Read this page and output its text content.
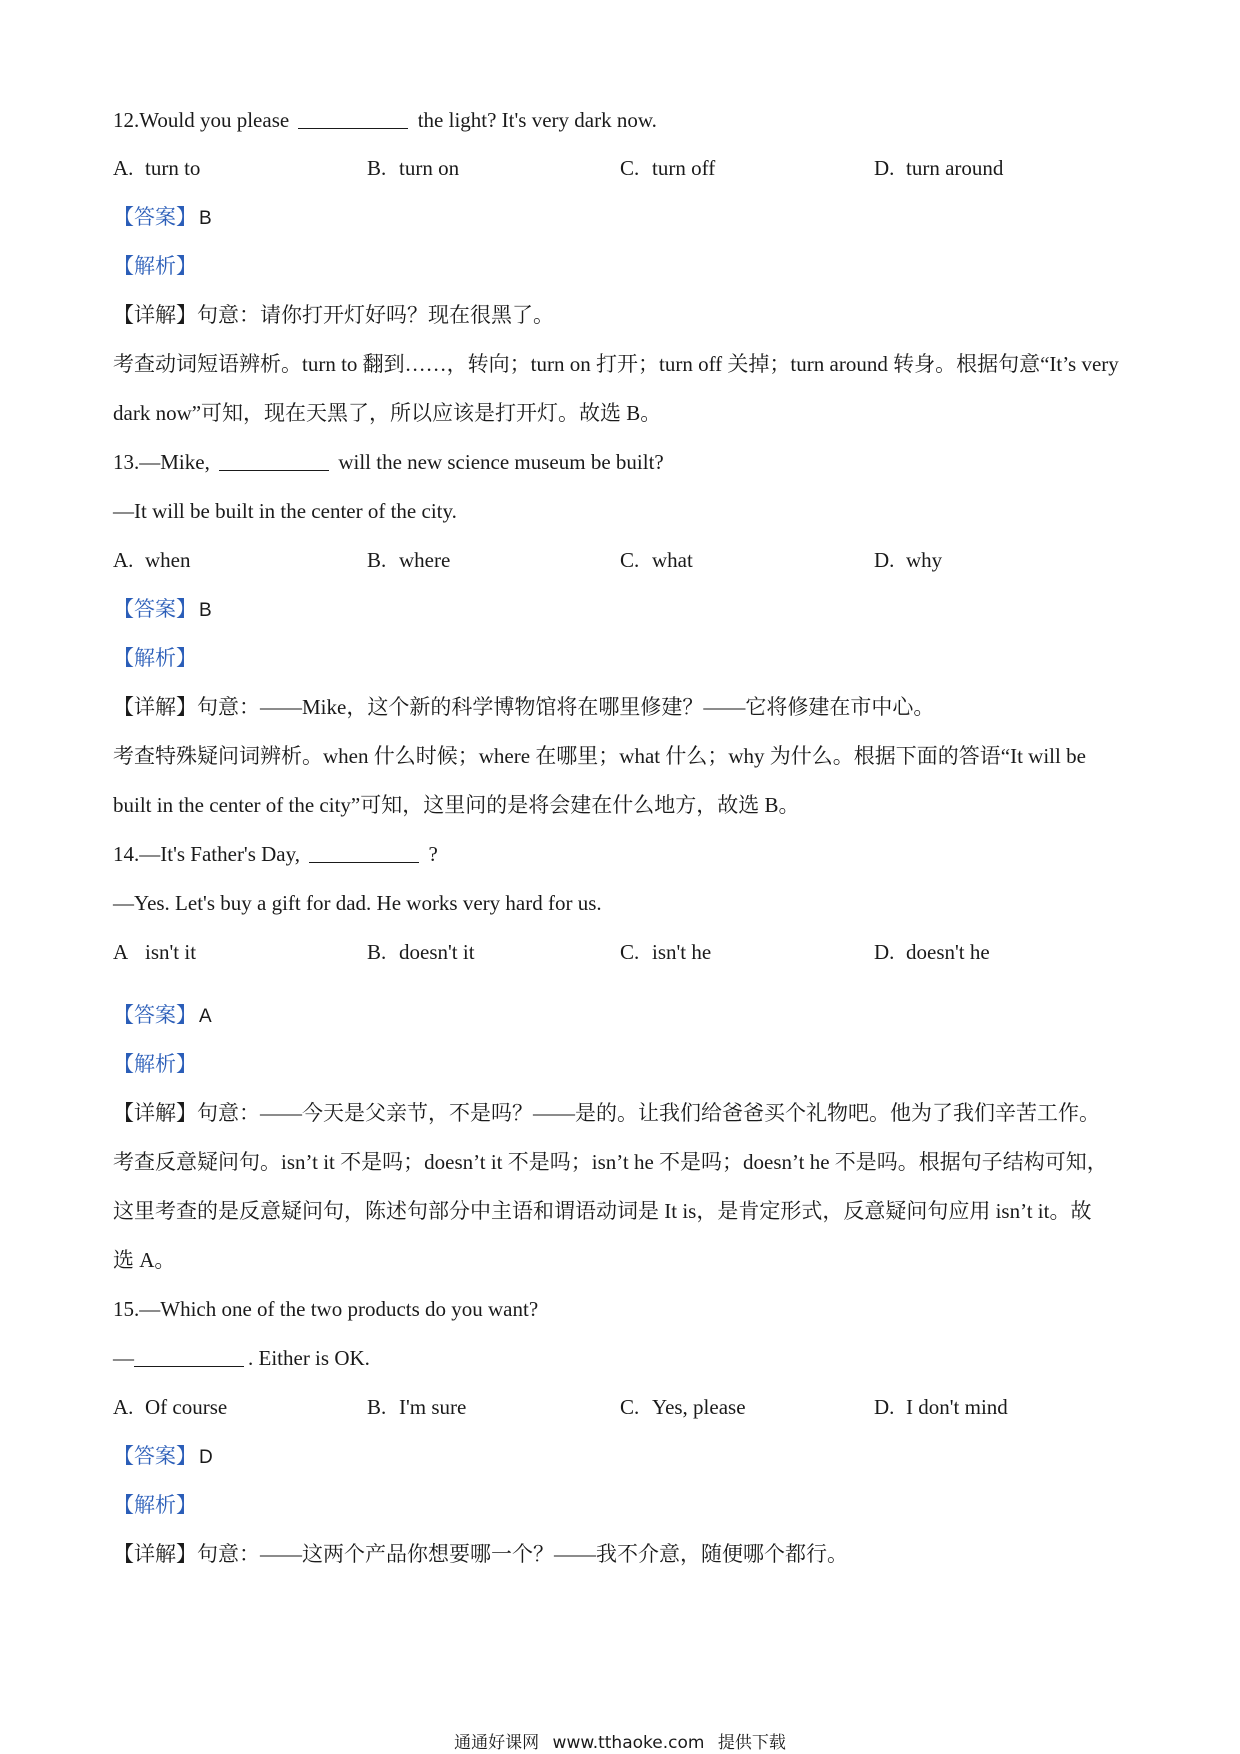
12.Would you please	the light? It's very dark now.
A. turn to	B. turn on	C. turn off	D. turn around
【答案】 B
【解析】
【详解】句意：请你打开灯好吗？现在很黑了。
考查动词短语辨析。turn to 翻到……，转向；turn on 打开；turn off 关掉；turn around 转身。根据句意“It’s very
dark now”可知，现在天黑了，所以应该是打开灯。故选 B。
13.—Mike,	will the new science museum be built?
—It will be built in the center of the city.
A. when	B. where	C. what	D. why
【答案】 B
【解析】
【详解】句意：——Mike，这个新的科学博物馆将在哪里修建？——它将修建在市中心。
考查特殊疑问词辨析。when 什么时候；where 在哪里；what 什么；why 为什么。根据下面的答语“It will be
built in the center of the city”可知，这里问的是将会建在什么地方，故选 B。
14.—It's Father's Day,	?
—Yes. Let's buy a gift for dad. He works very hard for us.
A isn't it	B. doesn't it	C. isn't he	D. doesn't he
【答案】 A
【解析】
【详解】句意：——今天是父亲节，不是吗？——是的。让我们给爸爸买个礼物吧。他为了我们辛苦工作。
考查反意疑问句。isn’t it 不是吗；doesn’t it 不是吗；isn’t he 不是吗；doesn’t he 不是吗。根据句子结构可知，
这里考查的是反意疑问句，陈述句部分中主语和谓语动词是 It is，是肯定形式，反意疑问句应用 isn’t it。故
选 A。
15.—Which one of the two products do you want?
—	. Either is OK.
A. Of course	B. I'm sure	C. Yes, please	D. I don't mind
【答案】 D
【解析】
【详解】句意：——这两个产品你想要哪一个？——我不介意，随便哪个都行。
通通好课网 www.tthaoke.com 提供下载
